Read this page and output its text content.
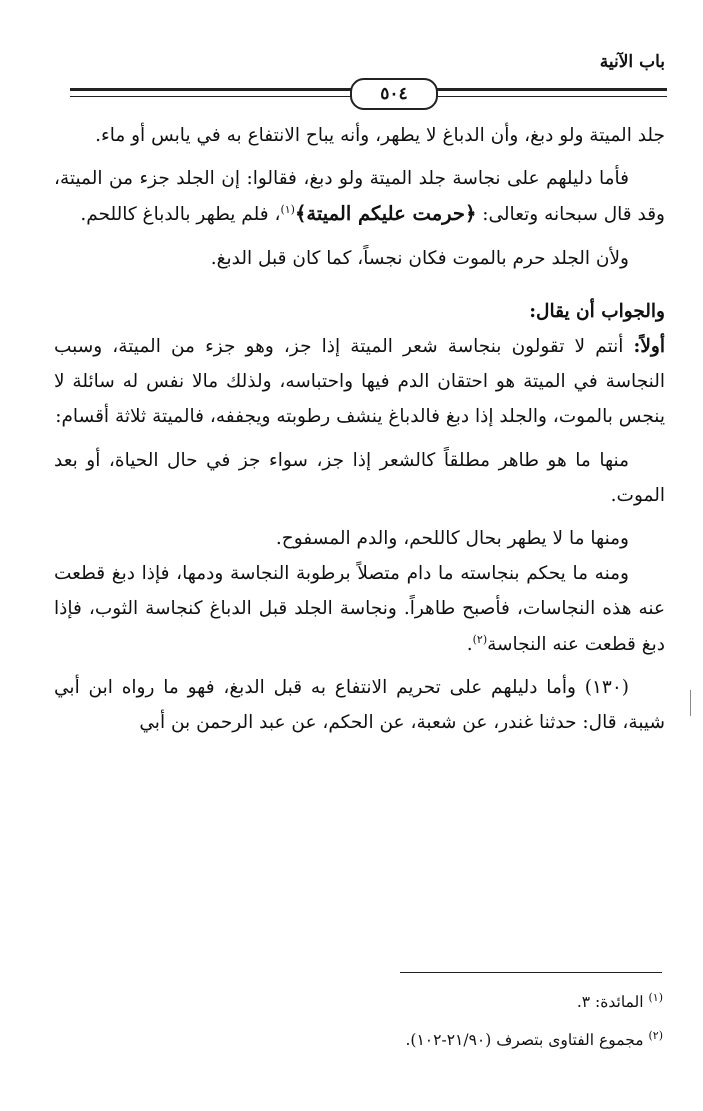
باب الآنية
٥٠٤

جلد الميتة ولو دبغ، وأن الدباغ لا يطهر، وأنه يباح الانتفاع به في يابس أو ماء.

فأما دليلهم على نجاسة جلد الميتة ولو دبغ، فقالوا: إن الجلد جزء من الميتة، وقد قال سبحانه وتعالى: ﴿حرمت عليكم الميتة﴾$^{(١)}$، فلم يطهر بالدباغ كاللحم.

ولأن الجلد حرم بالموت فكان نجساً، كما كان قبل الدبغ.

والجواب أن يقال:

أولاً: أنتم لا تقولون بنجاسة شعر الميتة إذا جز، وهو جزء من الميتة، وسبب النجاسة في الميتة هو احتقان الدم فيها واحتباسه، ولذلك مالا نفس له سائلة لا ينجس بالموت، والجلد إذا دبغ فالدباغ ينشف رطوبته ويجففه، فالميتة ثلاثة أقسام:

منها ما هو طاهر مطلقاً كالشعر إذا جز، سواء جز في حال الحياة، أو بعد الموت.

ومنها ما لا يطهر بحال كاللحم، والدم المسفوح.

ومنه ما يحكم بنجاسته ما دام متصلاً برطوبة النجاسة ودمها، فإذا دبغ قطعت عنه هذه النجاسات، فأصبح طاهراً. ونجاسة الجلد قبل الدباغ كنجاسة الثوب، فإذا دبغ قطعت عنه النجاسة$^{(٢)}$.

(١٣٠) وأما دليلهم على تحريم الانتفاع به قبل الدبغ، فهو ما رواه ابن أبي شيبة، قال: حدثنا غندر، عن شعبة، عن الحكم، عن عبد الرحمن بن أبي

$^{(١)}$ المائدة: ٣.

$^{(٢)}$ مجموع الفتاوى بتصرف (٢١/٩٠-١٠٢).
